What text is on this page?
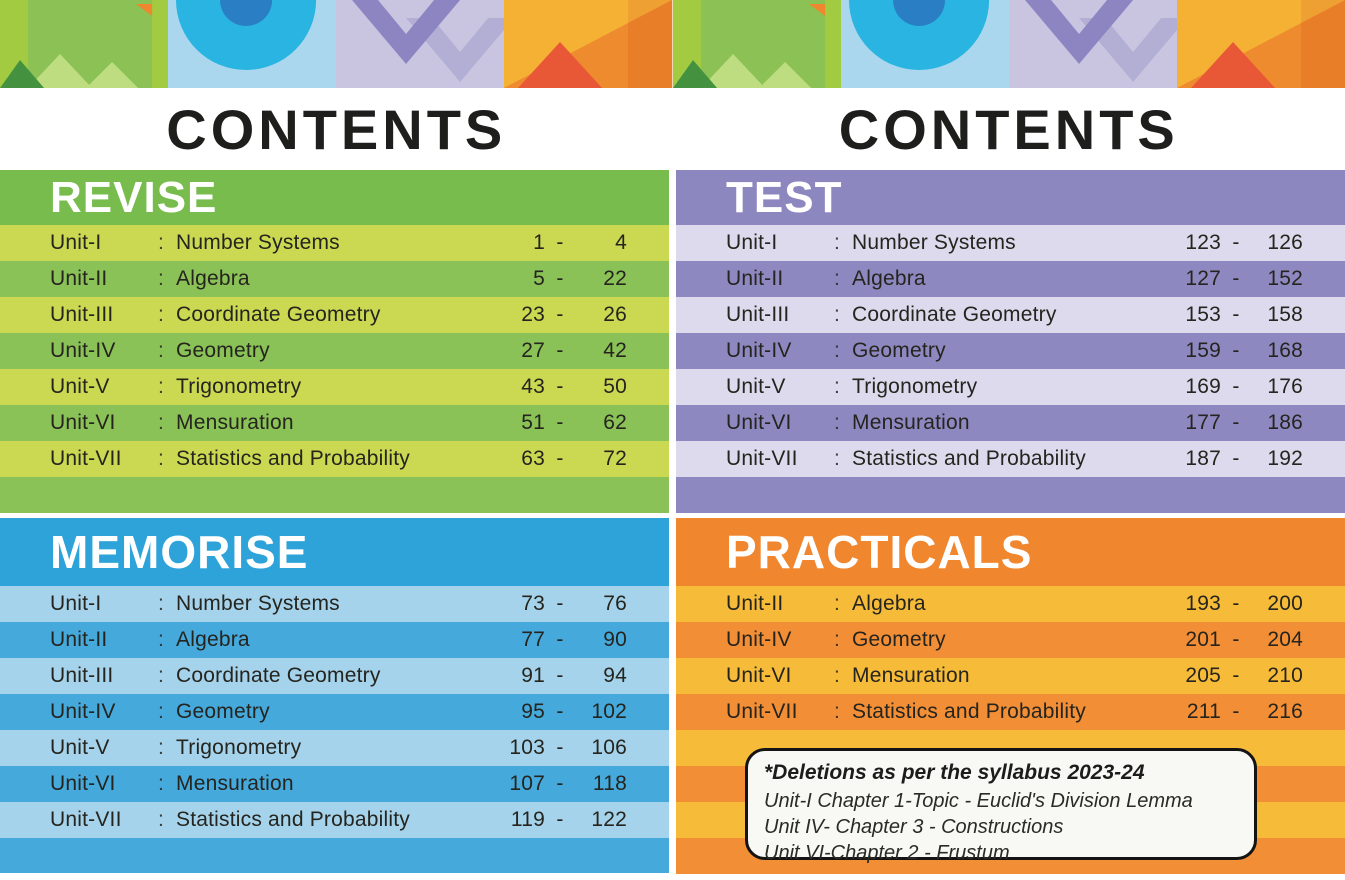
CONTENTS	CONTENTS
REVISE
Unit-I	: Number Systems	1 -	4
Unit-II	: Algebra	5 -	22
Unit-III	: Coordinate Geometry	23 -	26
Unit-IV	: Geometry	27 -	42
Unit-V	: Trigonometry	43 -	50
Unit-VI	: Mensuration	51 -	62
Unit-VII	: Statistics and Probability	63 -	72
MEMORISE
Unit-I	: Number Systems	73 -	76
Unit-II	: Algebra	77 -	90
Unit-III	: Coordinate Geometry	91 -	94
Unit-IV	: Geometry	95 -	102
Unit-V	: Trigonometry	103 -	106
Unit-VI	: Mensuration	107 -	118
Unit-VII	: Statistics and Probability	119 -	122
TEST
Unit-I	: Number Systems	123 -	126
Unit-II	: Algebra	127 -	152
Unit-III	: Coordinate Geometry	153 -	158
Unit-IV	: Geometry	159 -	168
Unit-V	: Trigonometry	169 -	176
Unit-VI	: Mensuration	177 -	186
Unit-VII	: Statistics and Probability	187 -	192
PRACTICALS
Unit-II	: Algebra	193 -	200
Unit-IV	: Geometry	201 -	204
Unit-VI	: Mensuration	205 -	210
Unit-VII	: Statistics and Probability	211 -	216

*Deletions as per the syllabus 2023-24

Unit-I Chapter 1-Topic - Euclid's Division Lemma

Unit IV- Chapter 3 - Constructions

Unit VI-Chapter 2 - Frustum
